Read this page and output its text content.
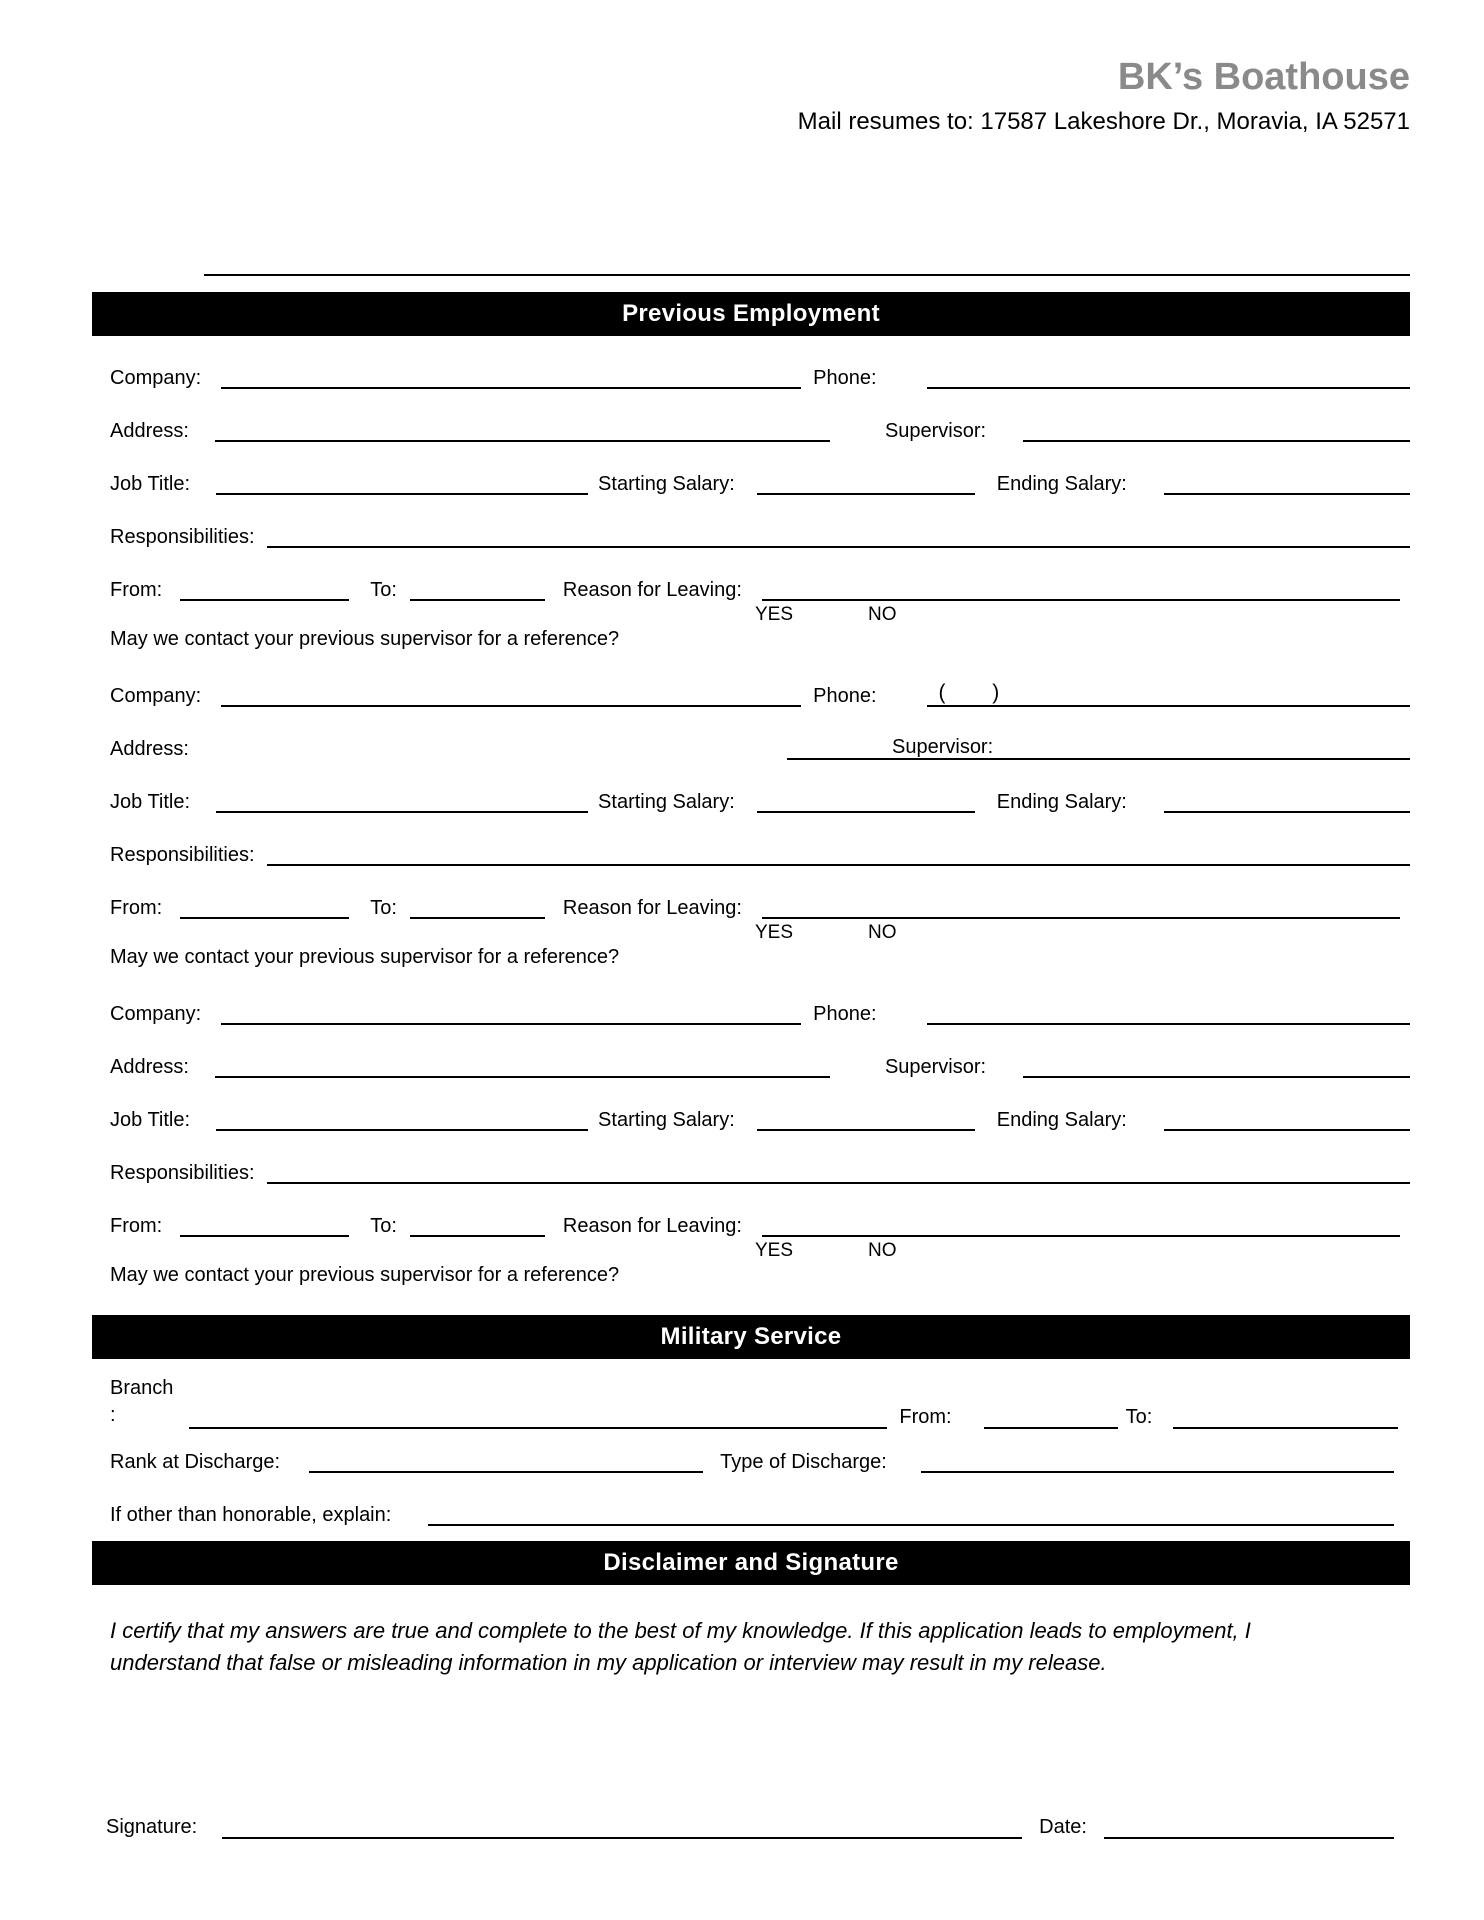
BK’s Boathouse
Mail resumes to: 17587 Lakeshore Dr., Moravia, IA 52571
Previous Employment
Company:	Phone:
Address:	Supervisor:
Job Title:	Starting Salary:	Ending Salary:
Responsibilities:
From:	To:	Reason for Leaving:
YES	NO
May we contact your previous supervisor for a reference?
Company:	Phone:	(        )
Address:	Supervisor:
Job Title:	Starting Salary:	Ending Salary:
Responsibilities:
From:	To:	Reason for Leaving:
YES	NO
May we contact your previous supervisor for a reference?
Company:	Phone:
Address:	Supervisor:
Job Title:	Starting Salary:	Ending Salary:
Responsibilities:
From:	To:	Reason for Leaving:
YES	NO
May we contact your previous supervisor for a reference?
Military Service
Branch
:	From:	To:
Rank at Discharge:	Type of Discharge:
If other than honorable, explain:
Disclaimer and Signature

I certify that my answers are true and complete to the best of my knowledge. If this application leads to employment, I understand that false or misleading information in my application or interview may result in my release.

Signature:	Date:
